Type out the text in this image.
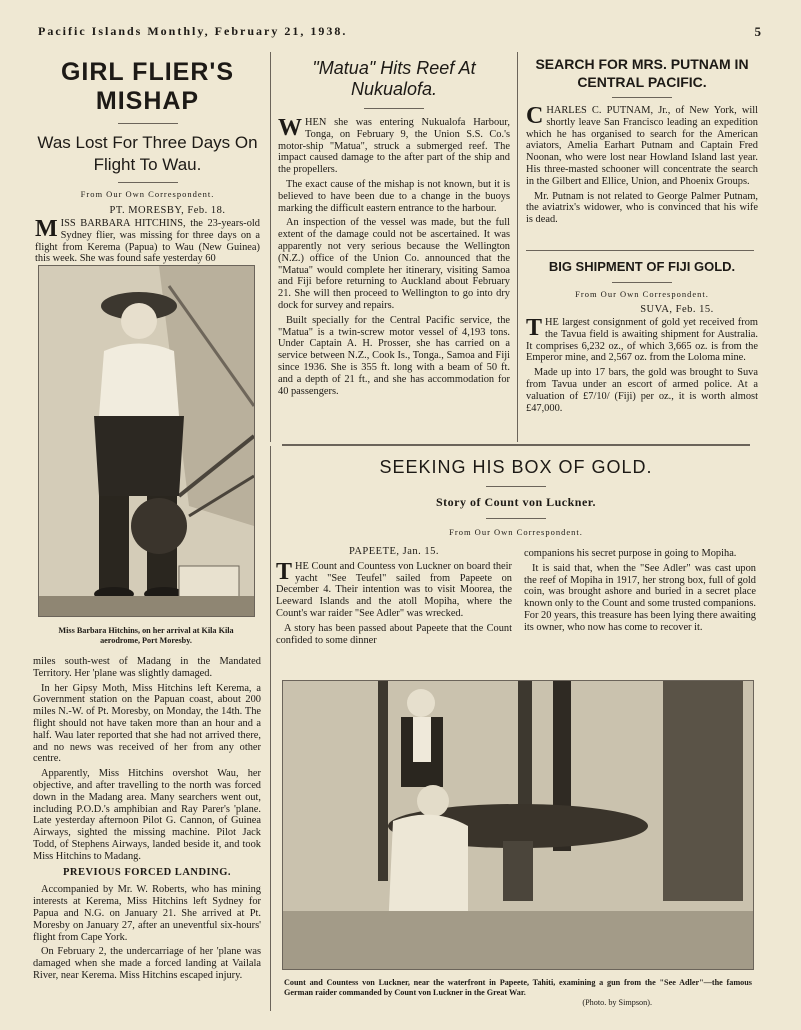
Pacific Islands Monthly, February 21, 1938.	5
GIRL FLIER'S MISHAP
Was Lost For Three Days On Flight To Wau.
From Our Own Correspondent.
PT. MORESBY, Feb. 18.
MISS BARBARA HITCHINS, the 23-years-old Sydney flier, was missing for three days on a flight from Kerema (Papua) to Wau (New Guinea) this week. She was found safe yesterday 60
Miss Barbara Hitchins, on her arrival at Kila Kila aerodrome, Port Moresby.

miles south-west of Madang in the Mandated Territory. Her 'plane was slightly damaged.

In her Gipsy Moth, Miss Hitchins left Kerema, a Government station on the Papuan coast, about 200 miles N.-W. of Pt. Moresby, on Monday, the 14th. The flight should not have taken more than an hour and a half. Wau later reported that she had not arrived there, and no news was received of her from any other centre.

Apparently, Miss Hitchins overshot Wau, her objective, and after travelling to the north was forced down in the Madang area. Many searchers went out, including P.O.D.'s amphibian and Ray Parer's 'plane. Late yesterday afternoon Pilot G. Cannon, of Guinea Airways, sighted the missing machine. Pilot Jack Todd, of Stephens Airways, landed beside it, and took Miss Hitchins to Madang.

PREVIOUS FORCED LANDING.

Accompanied by Mr. W. Roberts, who has mining interests at Kerema, Miss Hitchins left Sydney for Papua and N.G. on January 21. She arrived at Pt. Moresby on January 27, after an uneventful six-hours' flight from Cape York.

On February 2, the undercarriage of her 'plane was damaged when she made a forced landing at Vailala River, near Kerema. Miss Hitchins escaped injury.

"Matua" Hits Reef At Nukualofa.

WHEN she was entering Nukualofa Harbour, Tonga, on February 9, the Union S.S. Co.'s motor-ship "Matua", struck a submerged reef. The impact caused damage to the after part of the ship and the propellers.

The exact cause of the mishap is not known, but it is believed to have been due to a change in the buoys marking the difficult eastern entrance to the harbour.

An inspection of the vessel was made, but the full extent of the damage could not be ascertained. It was apparently not very serious because the Wellington (N.Z.) office of the Union Co. announced that the "Matua" would complete her itinerary, visiting Samoa and Fiji before returning to Auckland about February 21. She will then proceed to Wellington to go into dry dock for survey and repairs.

Built specially for the Central Pacific service, the "Matua" is a twin-screw motor vessel of 4,193 tons. Under Captain A. H. Prosser, she has carried on a service between N.Z., Cook Is., Tonga., Samoa and Fiji since 1936. She is 355 ft. long with a beam of 50 ft. and a depth of 21 ft., and she has accommodation for 40 passengers.

SEARCH FOR MRS. PUTNAM IN CENTRAL PACIFIC.

CHARLES C. PUTNAM, Jr., of New York, will shortly leave San Francisco leading an expedition which he has organised to search for the American aviators, Amelia Earhart Putnam and Captain Fred Noonan, who were lost near Howland Island last year. His three-masted schooner will concentrate the search in the Gilbert and Ellice, Union, and Phoenix Groups.

Mr. Putnam is not related to George Palmer Putnam, the aviatrix's widower, who is convinced that his wife is dead.

BIG SHIPMENT OF FIJI GOLD.
From Our Own Correspondent.
SUVA, Feb. 15.

THE largest consignment of gold yet received from the Tavua field is awaiting shipment for Australia. It comprises 6,232 oz., of which 3,665 oz. is from the Emperor mine, and 2,567 oz. from the Loloma mine.

Made up into 17 bars, the gold was brought to Suva from Tavua under an escort of armed police. At a valuation of £7/10/ (Fiji) per oz., it is worth almost £47,000.

SEEKING HIS BOX OF GOLD.
Story of Count von Luckner.
From Our Own Correspondent.
PAPEETE, Jan. 15.

THE Count and Countess von Luckner on board their yacht "See Teufel" sailed from Papeete on December 4. Their intention was to visit Moorea, the Leeward Islands and the atoll Mopiha, where the Count's war raider "See Adler" was wrecked.

A story has been passed about Papeete that the Count confided to some dinner

companions his secret purpose in going to Mopiha.

It is said that, when the "See Adler" was cast upon the reef of Mopiha in 1917, her strong box, full of gold coin, was brought ashore and buried in a secret place known only to the Count and some trusted companions. For 20 years, this treasure has been lying there awaiting its owner, who now has come to recover it.

Count and Countess von Luckner, near the waterfront in Papeete, Tahiti, examining a gun from the "See Adler"—the famous German raider commanded by Count von Luckner in the Great War.
(Photo. by Simpson).
